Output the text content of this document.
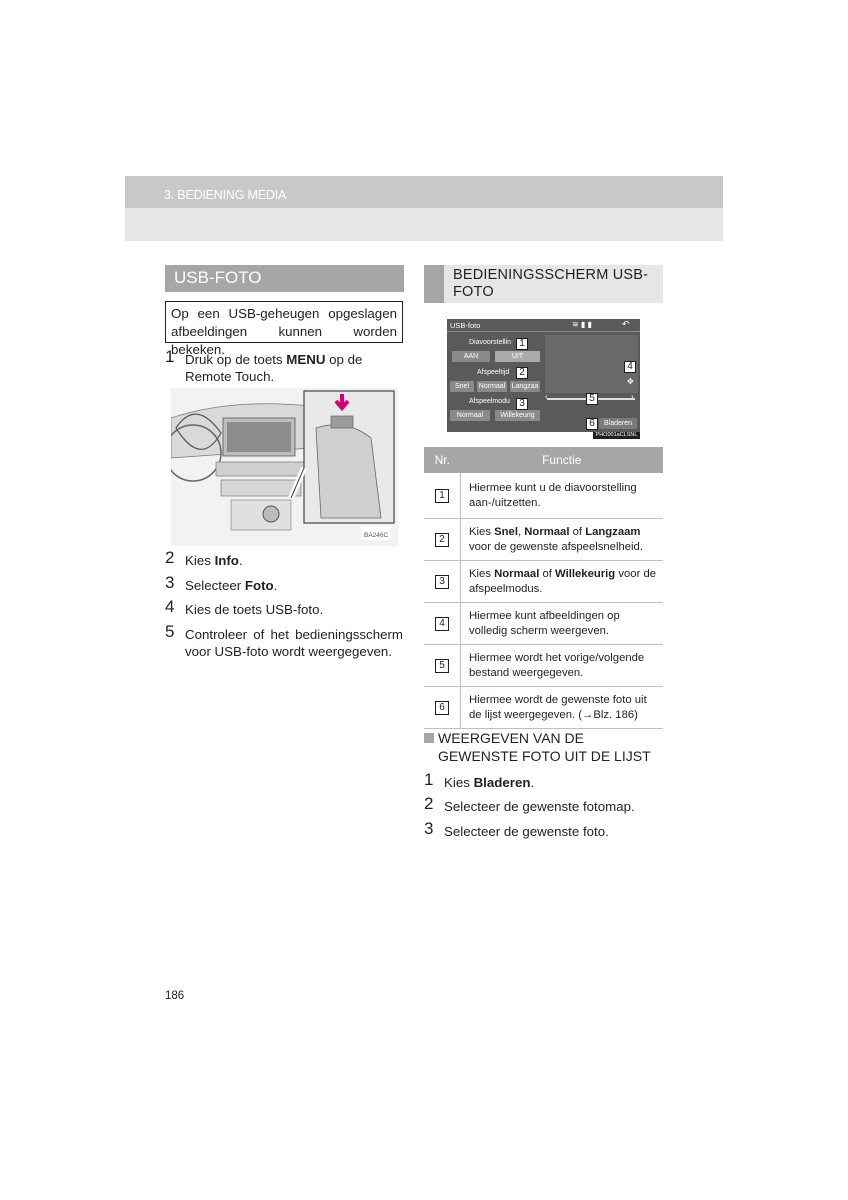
3. BEDIENING MEDIA
USB-FOTO
Op een USB-geheugen opgeslagen afbeeldingen kunnen worden bekeken.
1 Druk op de toets MENU op de Remote Touch.
BA246C
2 Kies Info.
3 Selecteer Foto.
4 Kies de toets USB-foto.
5 Controleer of het bedieningsscherm voor USB-foto wordt weergegeven.
BEDIENINGSSCHERM USB-FOTO
USB-foto	≋ ▮ ▮	↶
Diavoorstellin
AAN	UIT
Afspeeltijd
Snel	Normaal Langzaa
Afspeelmodu
Normaal	Willekeurig
✥
‹	›
Bladeren
1
2
3
4
5
6
PHO001aCLSNL
Nr.	Functie
1	Hiermee kunt u de diavoorstelling aan-/uitzetten.
2	Kies Snel, Normaal of Langzaam voor de gewenste afspeelsnelheid.
3	Kies Normaal of Willekeurig voor de afspeelmodus.
4	Hiermee kunt afbeeldingen op volledig scherm weergeven.
5	Hiermee wordt het vorige/volgende bestand weergegeven.
6	Hiermee wordt de gewenste foto uit de lijst weergegeven. (→Blz. 186)
WEERGEVEN VAN DE
GEWENSTE FOTO UIT DE LIJST
1 Kies Bladeren.
2 Selecteer de gewenste fotomap.
3 Selecteer de gewenste foto.
186
